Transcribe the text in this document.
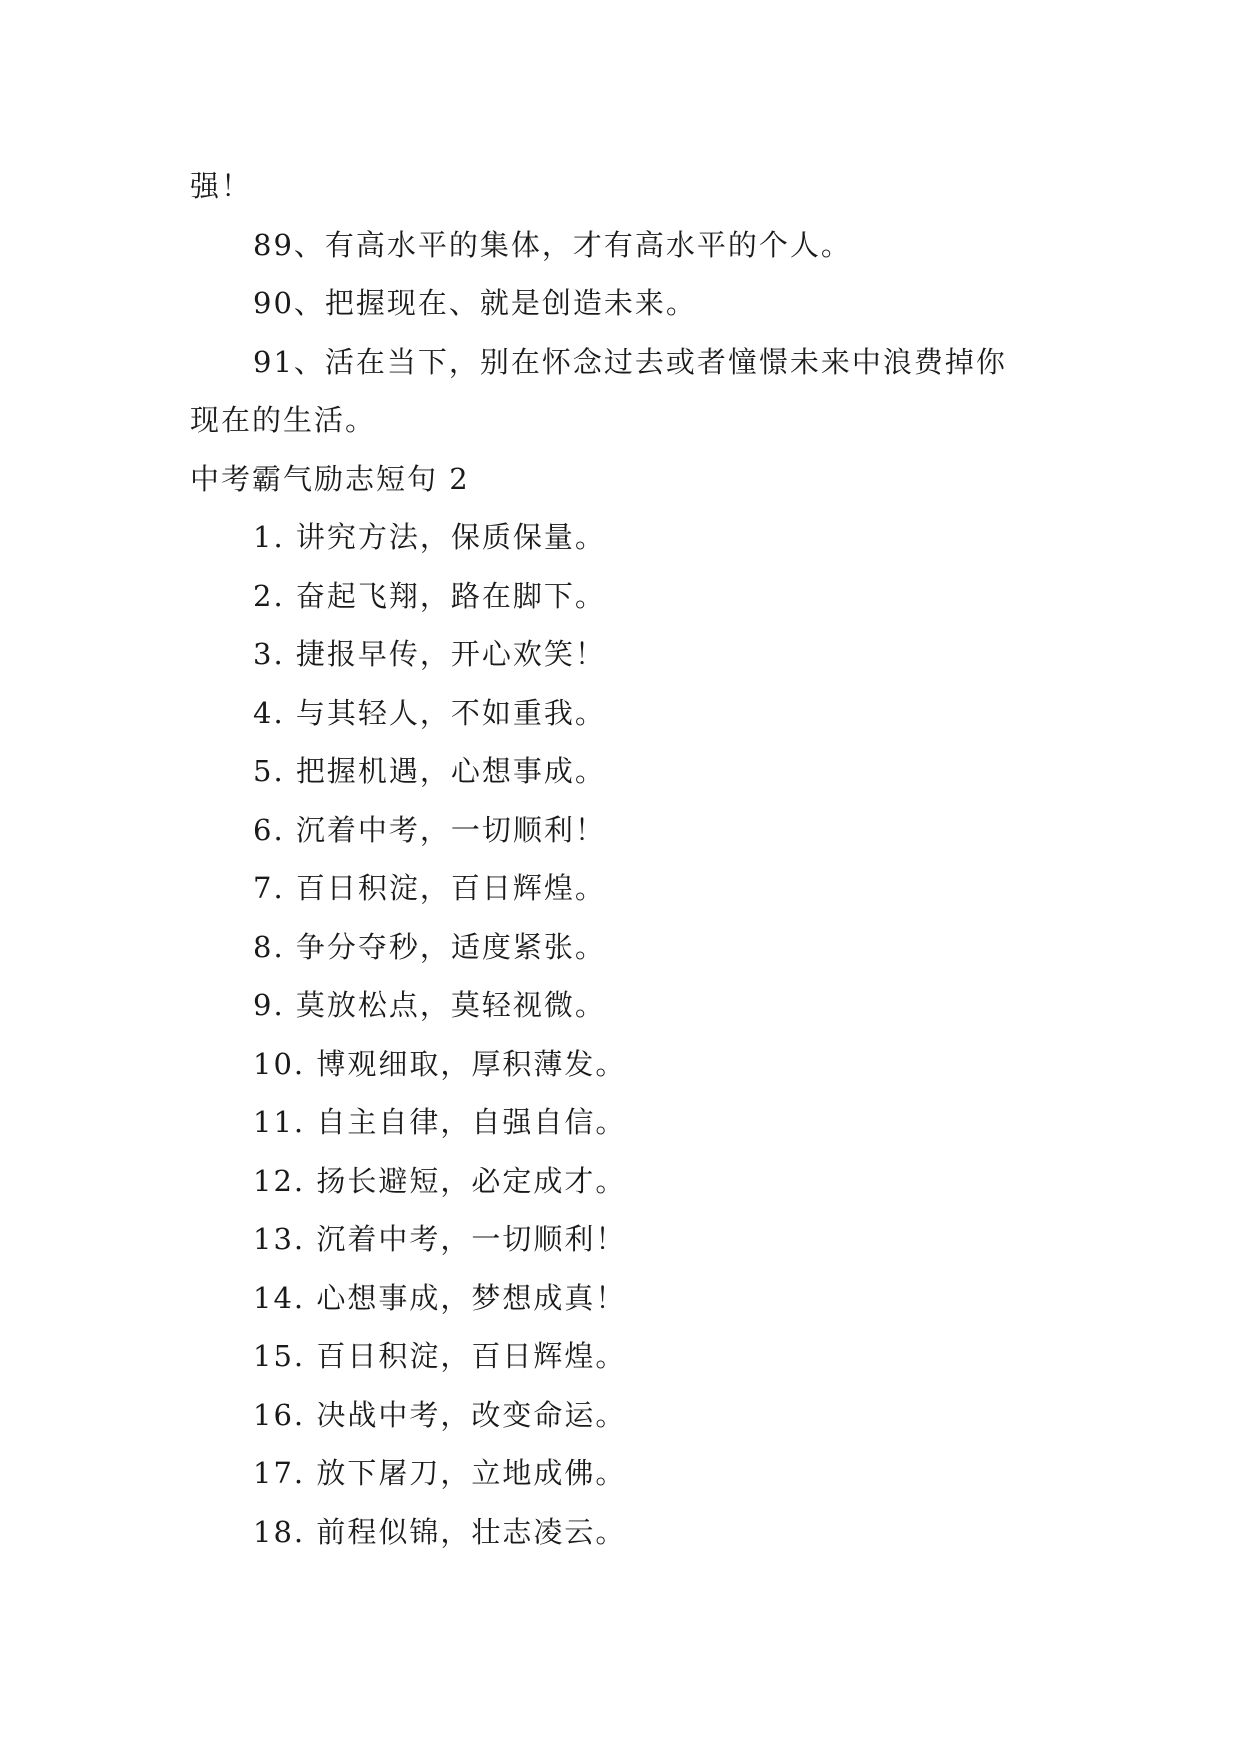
强！
89、有高水平的集体，才有高水平的个人。
90、把握现在、就是创造未来。
91、活在当下，别在怀念过去或者憧憬未来中浪费掉你
现在的生活。
中考霸气励志短句 2
1. 讲究方法，保质保量。
2. 奋起飞翔，路在脚下。
3. 捷报早传，开心欢笑！
4. 与其轻人，不如重我。
5. 把握机遇，心想事成。
6. 沉着中考，一切顺利！
7. 百日积淀，百日辉煌。
8. 争分夺秒，适度紧张。
9. 莫放松点，莫轻视微。
10. 博观细取，厚积薄发。
11. 自主自律，自强自信。
12. 扬长避短，必定成才。
13. 沉着中考，一切顺利！
14. 心想事成，梦想成真！
15. 百日积淀，百日辉煌。
16. 决战中考，改变命运。
17. 放下屠刀，立地成佛。
18. 前程似锦，壮志凌云。
